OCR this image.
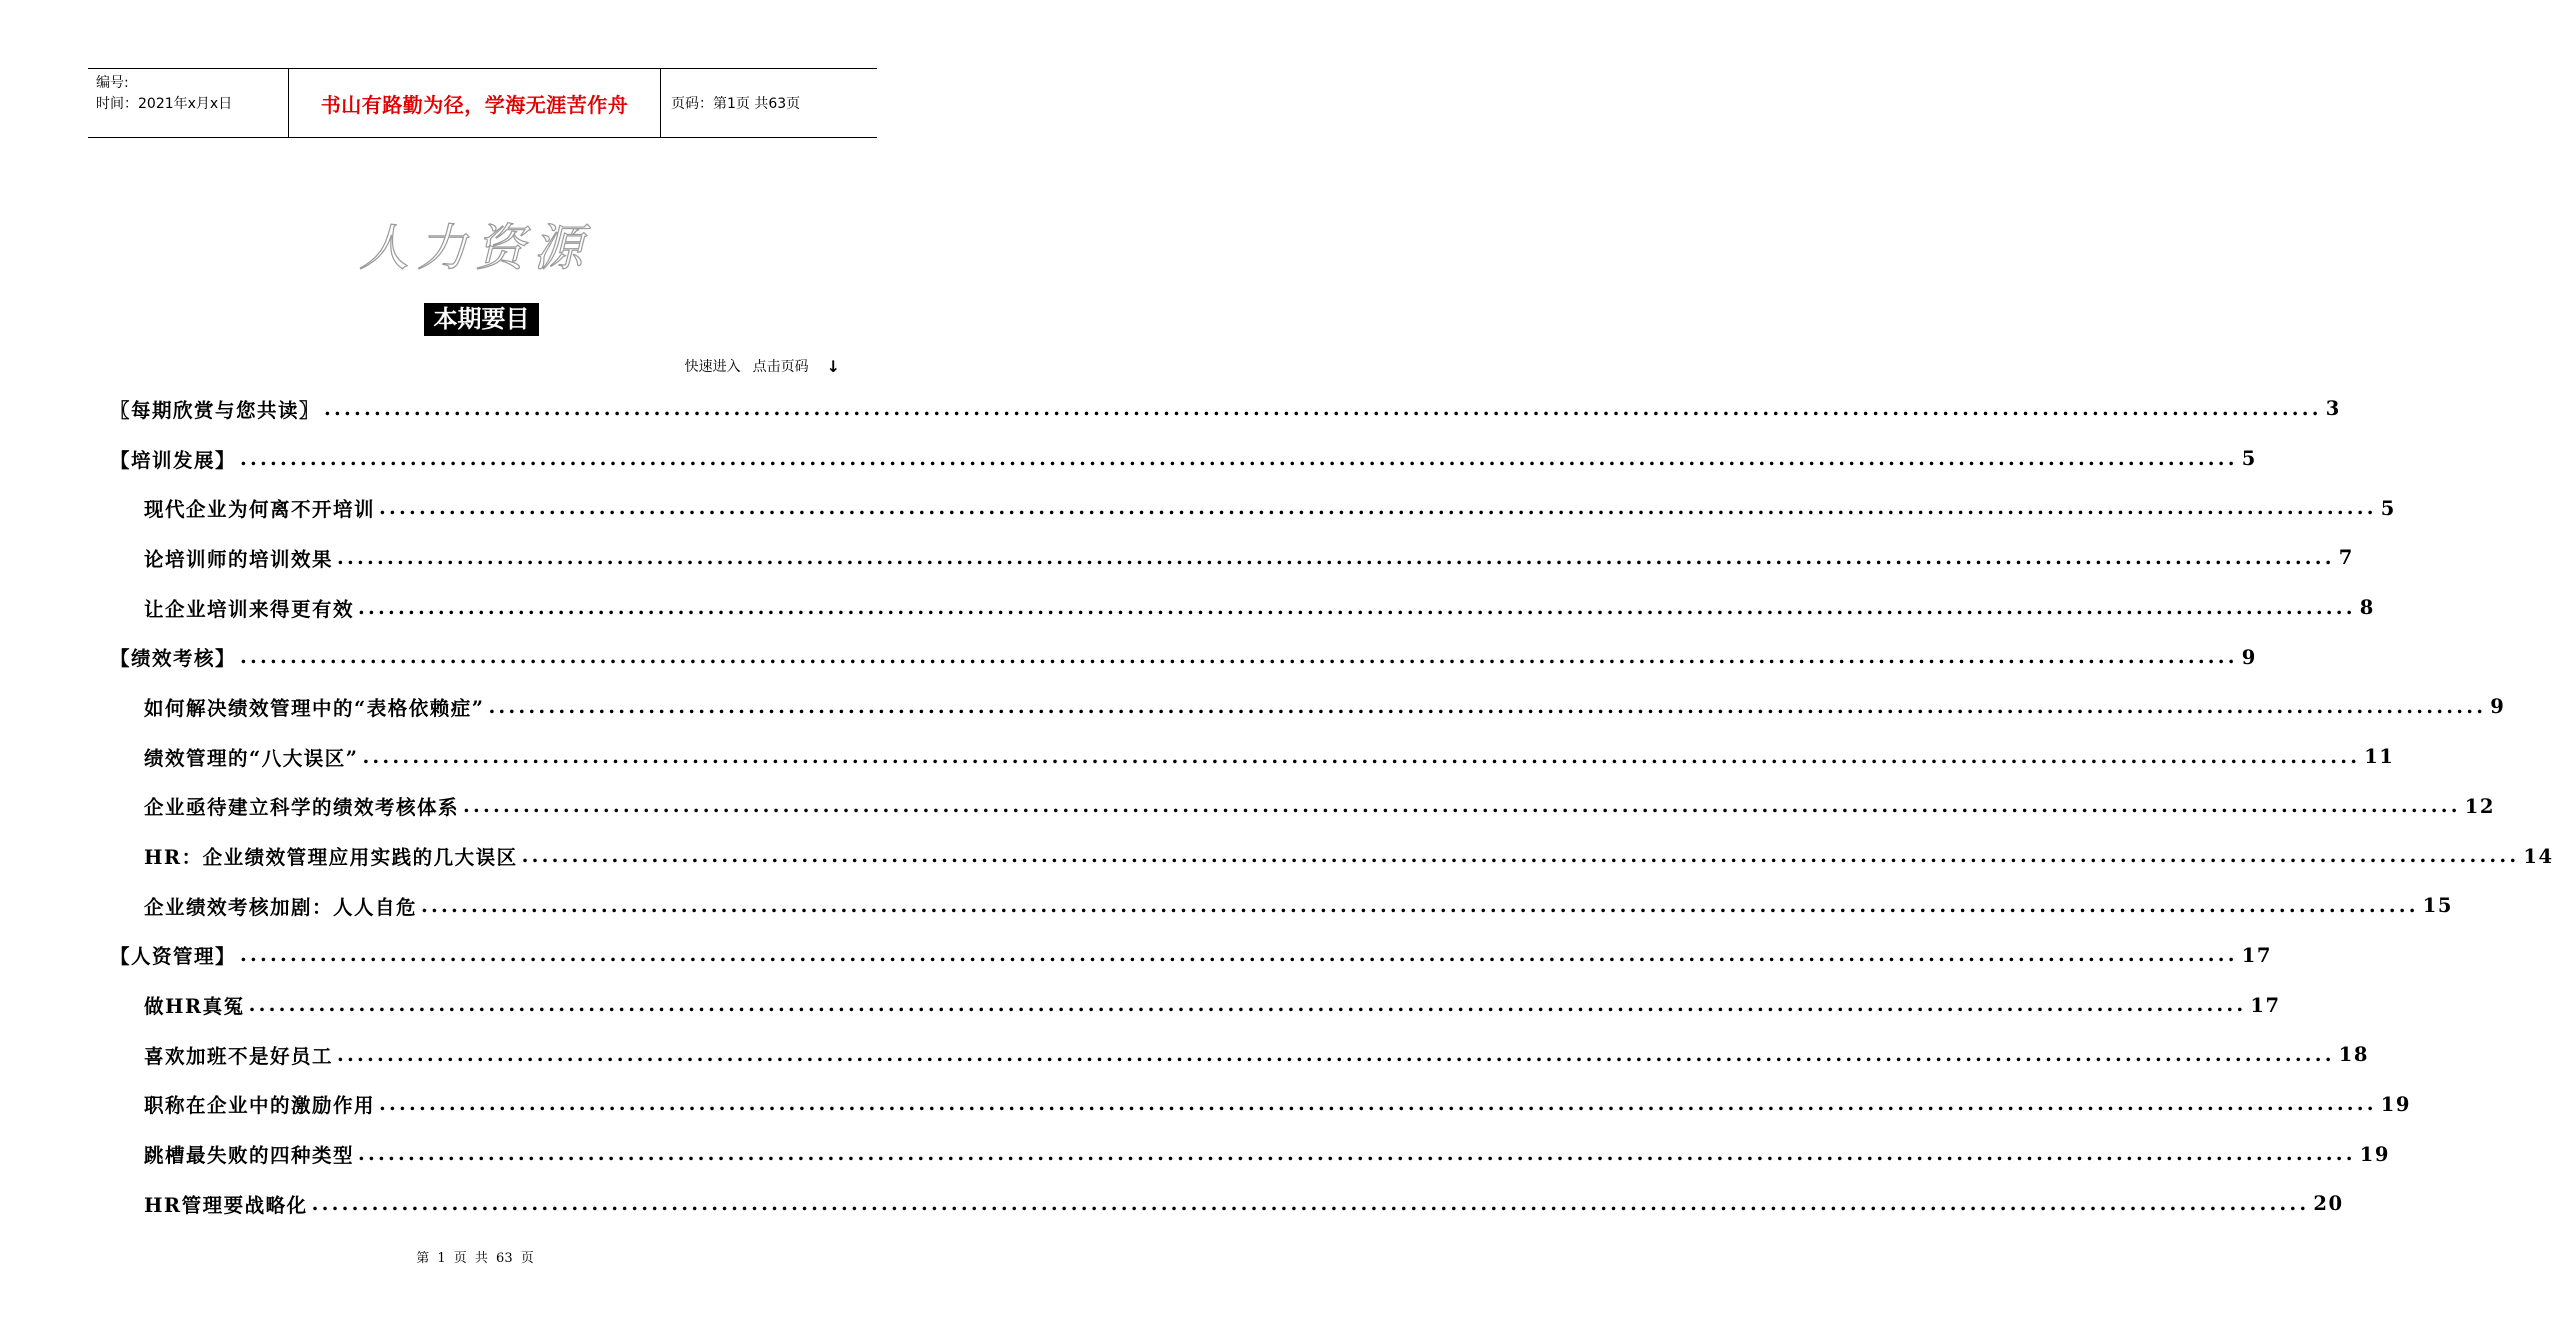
编号:
时间：2021年x月x日	书山有路勤为径，学海无涯苦作舟	页码：第1页 共63页
人力资源
本期要目
快速进入 点击页码 ↓
〖每期欣赏与您共读〗 ........................................................................................................................................................................................................ 3
【培训发展】 ........................................................................................................................................................................................................ 5
现代企业为何离不开培训 ........................................................................................................................................................................................................ 5
论培训师的培训效果 ........................................................................................................................................................................................................ 7
让企业培训来得更有效 ........................................................................................................................................................................................................ 8
【绩效考核】 ........................................................................................................................................................................................................ 9
如何解决绩效管理中的“表格依赖症” ........................................................................................................................................................................................................ 9
绩效管理的“八大误区” ........................................................................................................................................................................................................ 11
企业亟待建立科学的绩效考核体系 ........................................................................................................................................................................................................ 12
HR：企业绩效管理应用实践的几大误区 ........................................................................................................................................................................................................ 14
企业绩效考核加剧：人人自危 ........................................................................................................................................................................................................ 15
【人资管理】 ........................................................................................................................................................................................................ 17
做HR真冤 ........................................................................................................................................................................................................ 17
喜欢加班不是好员工 ........................................................................................................................................................................................................ 18
职称在企业中的激励作用 ........................................................................................................................................................................................................ 19
跳槽最失败的四种类型 ........................................................................................................................................................................................................ 19
HR管理要战略化 ........................................................................................................................................................................................................ 20
第 1 页 共 63 页
